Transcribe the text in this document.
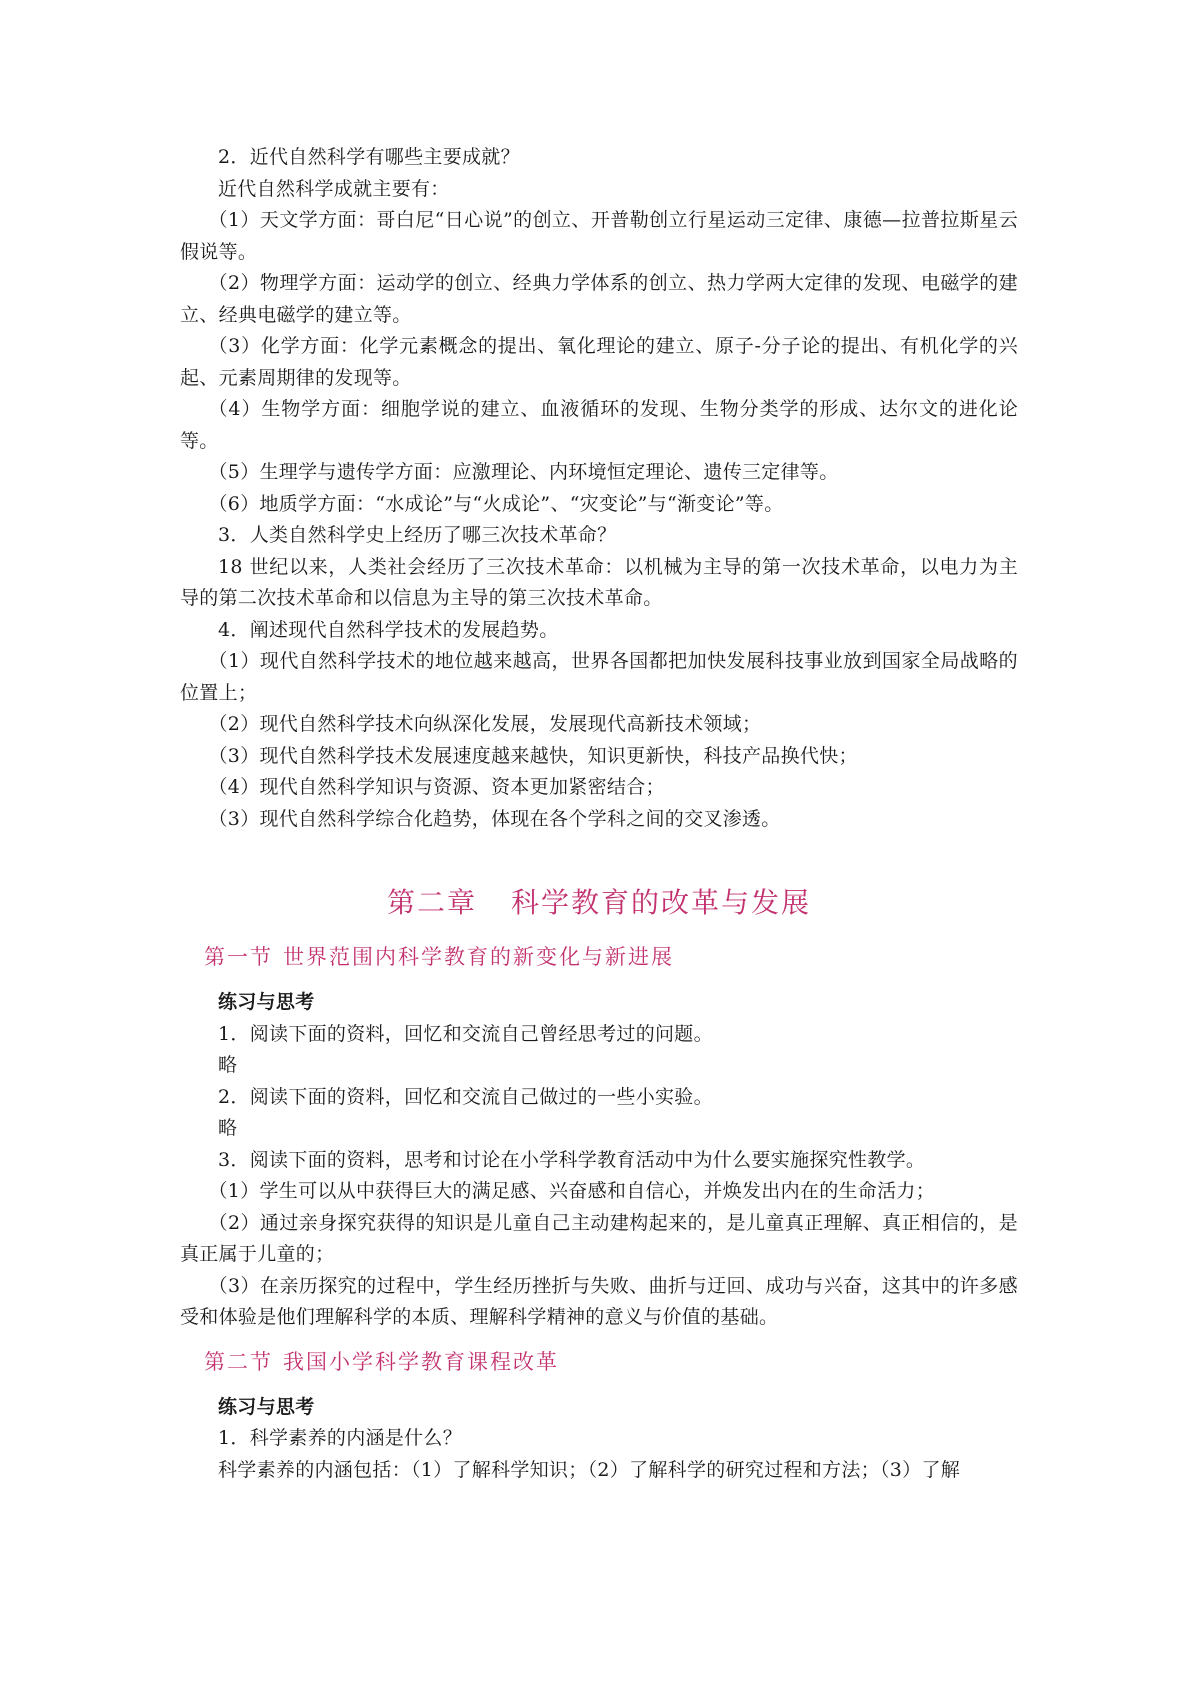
2．近代自然科学有哪些主要成就？

近代自然科学成就主要有：

（1）天文学方面：哥白尼“日心说”的创立、开普勒创立行星运动三定律、康德—拉普拉斯星云假说等。

（2）物理学方面：运动学的创立、经典力学体系的创立、热力学两大定律的发现、电磁学的建立、经典电磁学的建立等。

（3）化学方面：化学元素概念的提出、氧化理论的建立、原子-分子论的提出、有机化学的兴起、元素周期律的发现等。

（4）生物学方面：细胞学说的建立、血液循环的发现、生物分类学的形成、达尔文的进化论等。

（5）生理学与遗传学方面：应激理论、内环境恒定理论、遗传三定律等。

（6）地质学方面：“水成论”与“火成论”、“灾变论”与“渐变论”等。

3．人类自然科学史上经历了哪三次技术革命？

18 世纪以来，人类社会经历了三次技术革命：以机械为主导的第一次技术革命，以电力为主导的第二次技术革命和以信息为主导的第三次技术革命。

4．阐述现代自然科学技术的发展趋势。

（1）现代自然科学技术的地位越来越高，世界各国都把加快发展科技事业放到国家全局战略的位置上；

（2）现代自然科学技术向纵深化发展，发展现代高新技术领域；

（3）现代自然科学技术发展速度越来越快，知识更新快，科技产品换代快；

（4）现代自然科学知识与资源、资本更加紧密结合；

（3）现代自然科学综合化趋势，体现在各个学科之间的交叉渗透。

第二章 科学教育的改革与发展
第一节 世界范围内科学教育的新变化与新进展

练习与思考

1．阅读下面的资料，回忆和交流自己曾经思考过的问题。

略

2．阅读下面的资料，回忆和交流自己做过的一些小实验。

略

3．阅读下面的资料，思考和讨论在小学科学教育活动中为什么要实施探究性教学。

（1）学生可以从中获得巨大的满足感、兴奋感和自信心，并焕发出内在的生命活力；

（2）通过亲身探究获得的知识是儿童自己主动建构起来的，是儿童真正理解、真正相信的，是真正属于儿童的；

（3）在亲历探究的过程中，学生经历挫折与失败、曲折与迂回、成功与兴奋，这其中的许多感受和体验是他们理解科学的本质、理解科学精神的意义与价值的基础。

第二节 我国小学科学教育课程改革

练习与思考

1．科学素养的内涵是什么？

科学素养的内涵包括：（1）了解科学知识；（2）了解科学的研究过程和方法；（3）了解
